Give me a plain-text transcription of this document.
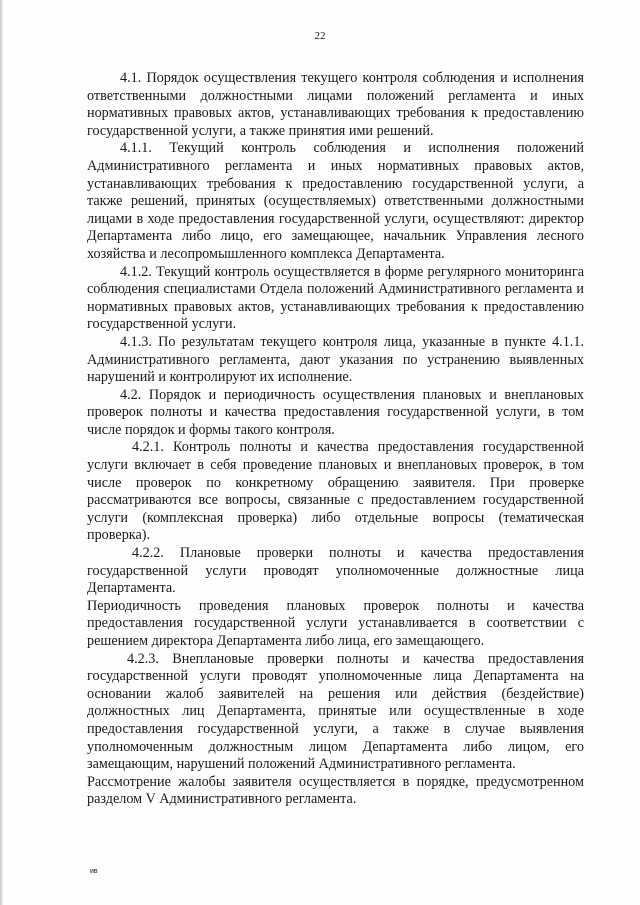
22

4.1. Порядок осуществления текущего контроля соблюдения и исполнения ответственными должностными лицами положений регламента и иных нормативных правовых актов, устанавливающих требования к предоставлению государственной услуги, а также принятия ими решений.

4.1.1. Текущий контроль соблюдения и исполнения положений Административного регламента и иных нормативных правовых актов, устанавливающих требования к предоставлению государственной услуги, а также решений, принятых (осуществляемых) ответственными должностными лицами в ходе предоставления государственной услуги, осуществляют: директор Департамента либо лицо, его замещающее, начальник Управления лесного хозяйства и лесопромышленного комплекса Департамента.

4.1.2. Текущий контроль осуществляется в форме регулярного мониторинга соблюдения специалистами Отдела положений Административного регламента и нормативных правовых актов, устанавливающих требования к предоставлению государственной услуги.

4.1.3. По результатам текущего контроля лица, указанные в пункте 4.1.1. Административного регламента, дают указания по устранению выявленных нарушений и контролируют их исполнение.

4.2. Порядок и периодичность осуществления плановых и внеплановых проверок полноты и качества предоставления государственной услуги, в том числе порядок и формы такого контроля.

4.2.1. Контроль полноты и качества предоставления государственной услуги включает в себя проведение плановых и внеплановых проверок, в том числе проверок по конкретному обращению заявителя. При проверке рассматриваются все вопросы, связанные с предоставлением государственной услуги (комплексная проверка) либо отдельные вопросы (тематическая проверка).

4.2.2. Плановые проверки полноты и качества предоставления государственной услуги проводят уполномоченные должностные лица Департамента.

Периодичность проведения плановых проверок полноты и качества предоставления государственной услуги устанавливается в соответствии с решением директора Департамента либо лица, его замещающего.

4.2.3. Внеплановые проверки полноты и качества предоставления государственной услуги проводят уполномоченные лица Департамента на основании жалоб заявителей на решения или действия (бездействие) должностных лиц Департамента, принятые или осуществленные в ходе предоставления государственной услуги, а также в случае выявления уполномоченным должностным лицом Департамента либо лицом, его замещающим, нарушений положений Административного регламента.

Рассмотрение жалобы заявителя осуществляется в порядке, предусмотренном разделом V Административного регламента.

ив
